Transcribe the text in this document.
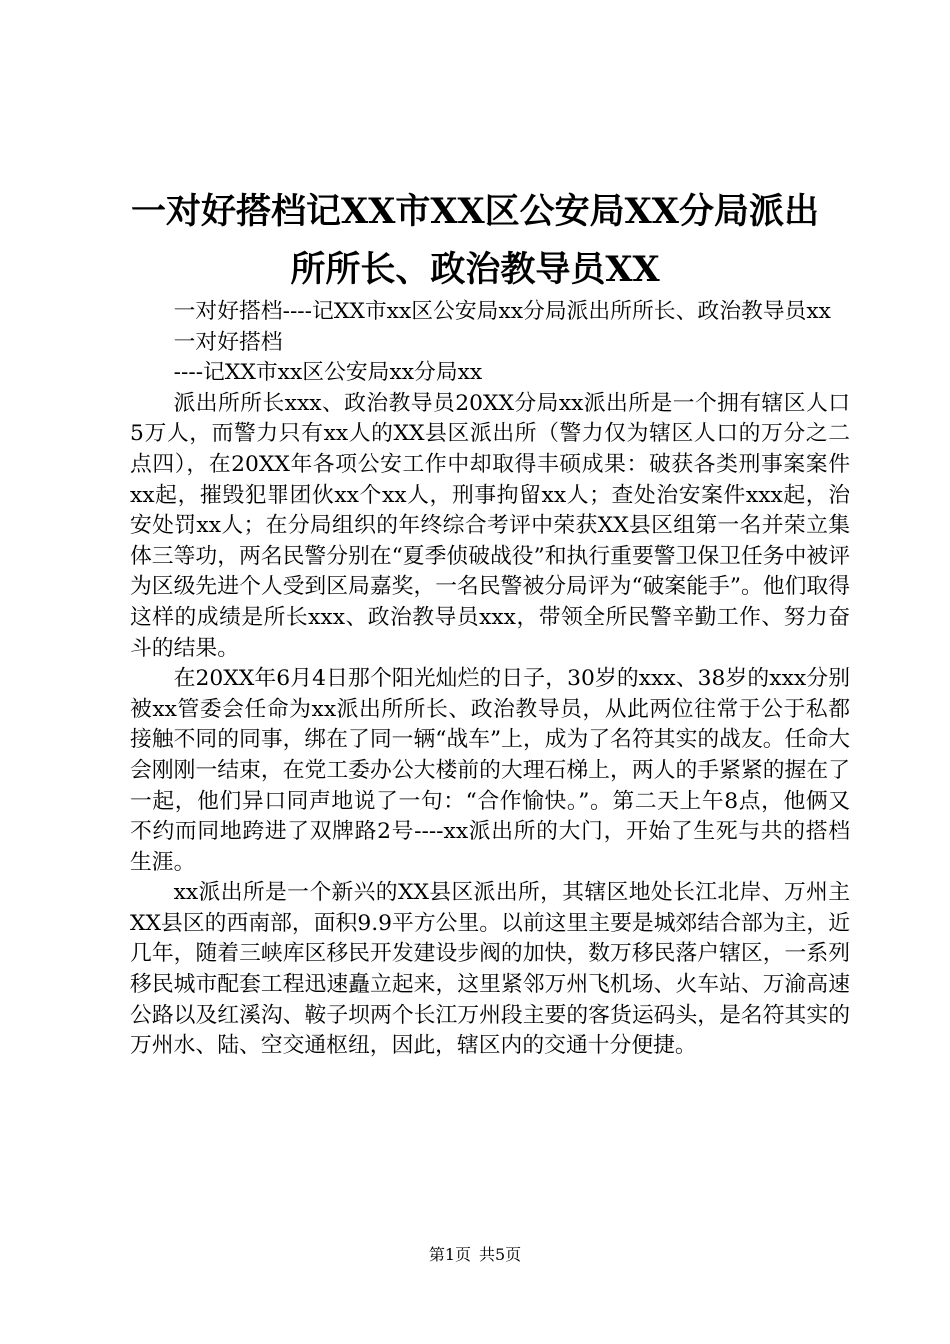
一对好搭档记XX市XX区公安局XX分局派出
所所长、政治教导员XX

一对好搭档----记XX市xx区公安局xx分局派出所所长、政治教导员xx

一对好搭档

----记XX市xx区公安局xx分局xx

派出所所长xxx、政治教导员20XX分局xx派出所是一个拥有辖区人口5万人，而警力只有xx人的XX县区派出所（警力仅为辖区人口的万分之二点四），在20XX年各项公安工作中却取得丰硕成果：破获各类刑事案案件xx起，摧毁犯罪团伙xx个xx人，刑事拘留xx人；查处治安案件xxx起，治安处罚xx人；在分局组织的年终综合考评中荣获XX县区组第一名并荣立集体三等功，两名民警分别在“夏季侦破战役”和执行重要警卫保卫任务中被评为区级先进个人受到区局嘉奖，一名民警被分局评为“破案能手”。他们取得这样的成绩是所长xxx、政治教导员xxx，带领全所民警辛勤工作、努力奋斗的结果。

在20XX年6月4日那个阳光灿烂的日子，30岁的xxx、38岁的xxx分别被xx管委会任命为xx派出所所长、政治教导员，从此两位往常于公于私都接触不同的同事，绑在了同一辆“战车”上，成为了名符其实的战友。任命大会刚刚一结束，在党工委办公大楼前的大理石梯上，两人的手紧紧的握在了一起，他们异口同声地说了一句：“合作愉快。”。第二天上午8点，他俩又不约而同地跨进了双牌路2号----xx派出所的大门，开始了生死与共的搭档生涯。

xx派出所是一个新兴的XX县区派出所，其辖区地处长江北岸、万州主XX县区的西南部，面积9.9平方公里。以前这里主要是城郊结合部为主，近几年，随着三峡库区移民开发建设步阀的加快，数万移民落户辖区，一系列移民城市配套工程迅速矗立起来，这里紧邻万州飞机场、火车站、万渝高速公路以及红溪沟、鞍子坝两个长江万州段主要的客货运码头，是名符其实的万州水、陆、空交通枢纽，因此，辖区内的交通十分便捷。

第1页 共5页
